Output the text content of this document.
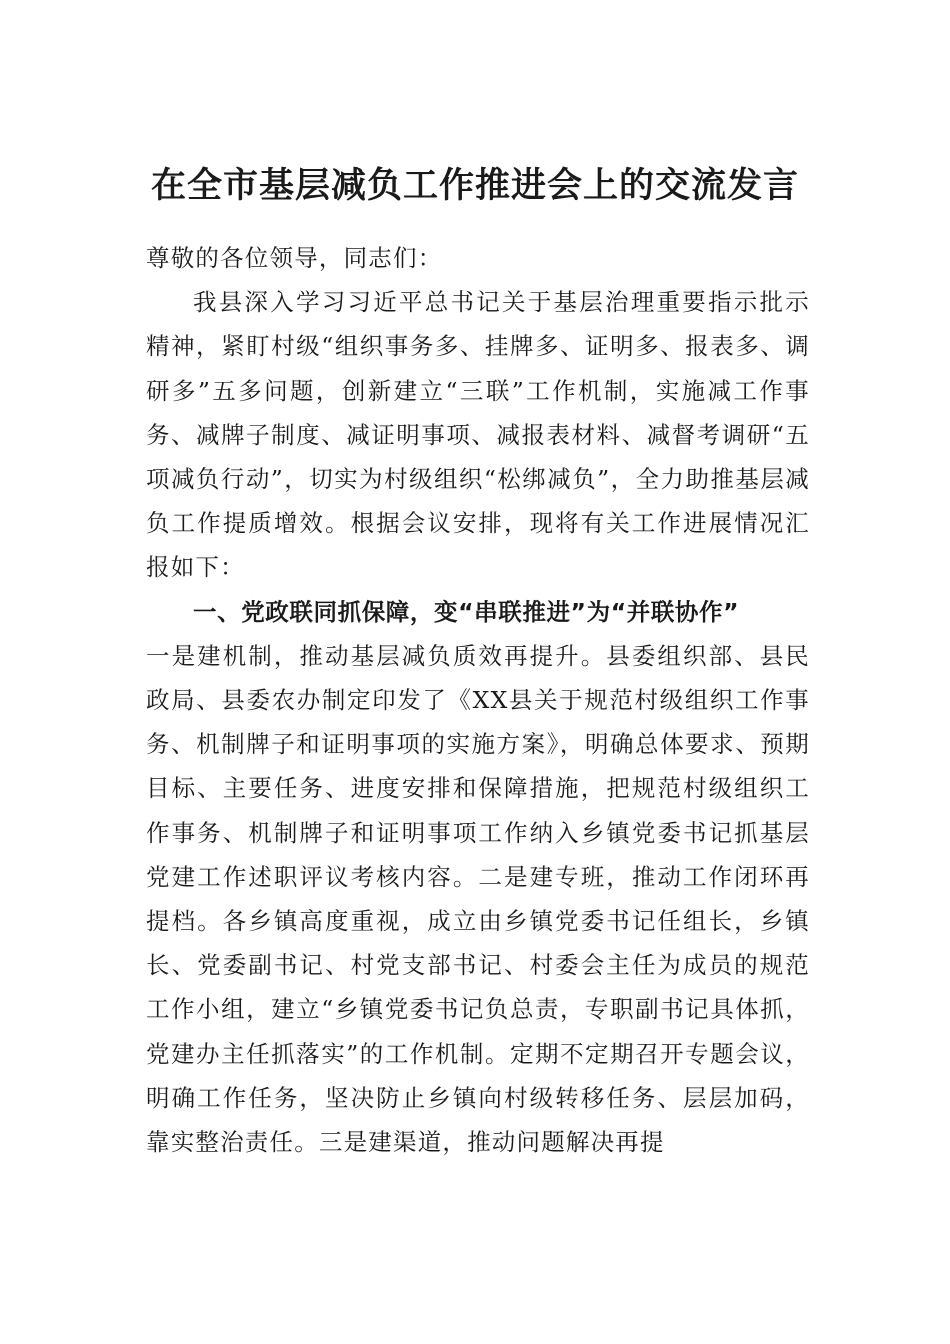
在全市基层减负工作推进会上的交流发言

尊敬的各位领导，同志们：

我县深入学习习近平总书记关于基层治理重要指示批示精神，紧盯村级“组织事务多、挂牌多、证明多、报表多、调研多”五多问题，创新建立“三联”工作机制，实施减工作事务、减牌子制度、减证明事项、减报表材料、减督考调研“五项减负行动”，切实为村级组织“松绑减负”，全力助推基层减负工作提质增效。根据会议安排，现将有关工作进展情况汇报如下：

一、党政联同抓保障，变“串联推进”为“并联协作”

一是建机制，推动基层减负质效再提升。县委组织部、县民政局、县委农办制定印发了《XX县关于规范村级组织工作事务、机制牌子和证明事项的实施方案》，明确总体要求、预期目标、主要任务、进度安排和保障措施，把规范村级组织工作事务、机制牌子和证明事项工作纳入乡镇党委书记抓基层党建工作述职评议考核内容。二是建专班，推动工作闭环再提档。各乡镇高度重视，成立由乡镇党委书记任组长，乡镇长、党委副书记、村党支部书记、村委会主任为成员的规范工作小组，建立“乡镇党委书记负总责，专职副书记具体抓，党建办主任抓落实”的工作机制。定期不定期召开专题会议，明确工作任务，坚决防止乡镇向村级转移任务、层层加码， 靠实整治责任。三是建渠道，推动问题解决再提
